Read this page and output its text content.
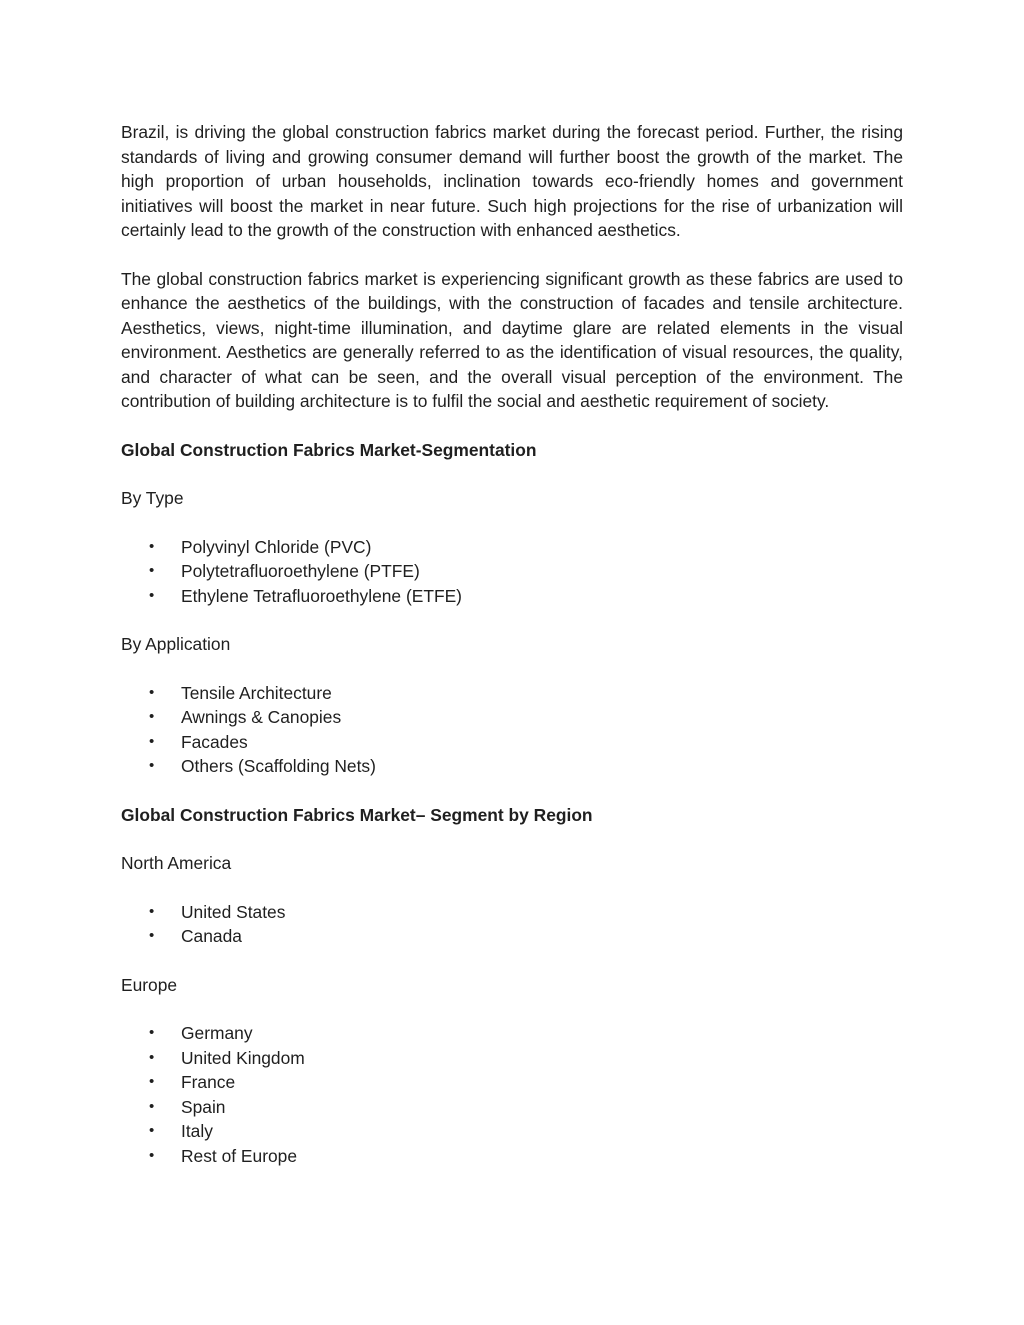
Brazil, is driving the global construction fabrics market during the forecast period. Further, the rising standards of living and growing consumer demand will further boost the growth of the market. The high proportion of urban households, inclination towards eco-friendly homes and government initiatives will boost the market in near future. Such high projections for the rise of urbanization will certainly lead to the growth of the construction with enhanced aesthetics.

The global construction fabrics market is experiencing significant growth as these fabrics are used to enhance the aesthetics of the buildings, with the construction of facades and tensile architecture. Aesthetics, views, night-time illumination, and daytime glare are related elements in the visual environment. Aesthetics are generally referred to as the identification of visual resources, the quality, and character of what can be seen, and the overall visual perception of the environment. The contribution of building architecture is to fulfil the social and aesthetic requirement of society.

Global Construction Fabrics Market-Segmentation

By Type

• Polyvinyl Chloride (PVC)
• Polytetrafluoroethylene (PTFE)
• Ethylene Tetrafluoroethylene (ETFE)

By Application

• Tensile Architecture
• Awnings & Canopies
• Facades
• Others (Scaffolding Nets)

Global Construction Fabrics Market– Segment by Region

North America

• United States
• Canada

Europe

• Germany
• United Kingdom
• France
• Spain
• Italy
• Rest of Europe
